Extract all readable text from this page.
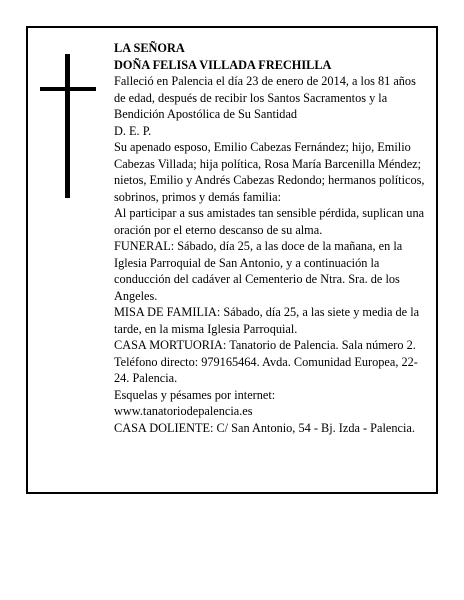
LA SEÑORA

DOÑA FELISA VILLADA FRECHILLA

Falleció en Palencia el día 23 de enero de 2014, a los 81 años de edad, después de recibir los Santos Sacramentos y la Bendición Apostólica de Su Santidad

D. E. P.

Su apenado esposo, Emilio Cabezas Fernández; hijo, Emilio Cabezas Villada; hija política, Rosa María Barcenilla Méndez; nietos, Emilio y Andrés Cabezas Redondo; hermanos políticos, sobrinos, primos y demás familia:

Al participar a sus amistades tan sensible pérdida, suplican una oración por el eterno descanso de su alma.

FUNERAL: Sábado, día 25, a las doce de la mañana, en la Iglesia Parroquial de San Antonio, y a continuación la conducción del cadáver al Cementerio de Ntra. Sra. de los Angeles.

MISA DE FAMILIA: Sábado, día 25, a las siete y media de la tarde, en la misma Iglesia Parroquial.

CASA MORTUORIA: Tanatorio de Palencia. Sala número 2. Teléfono directo: 979165464. Avda. Comunidad Europea, 22-24. Palencia.

Esquelas y pésames por internet:

www.tanatoriodepalencia.es

CASA DOLIENTE: C/ San Antonio, 54 - Bj. Izda - Palencia.
